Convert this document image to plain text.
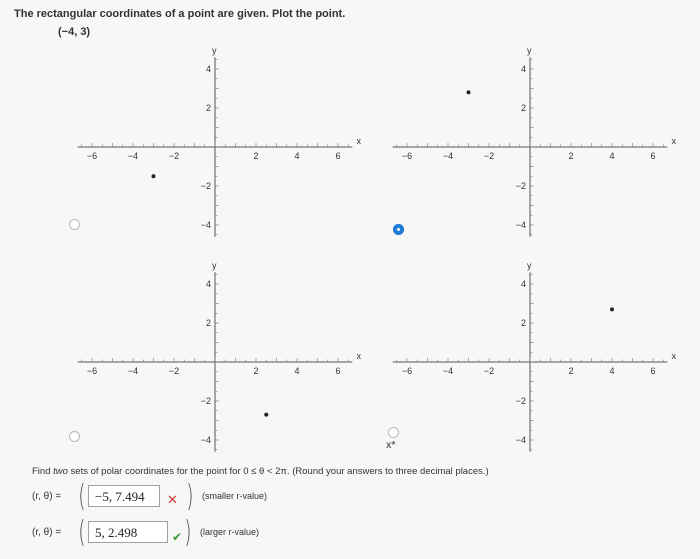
The rectangular coordinates of a point are given. Plot the point.
(−4, 3)
−6	−4	−2	2	4	6
4
2
−2
−4
x
y
−6	−4	−2	2	4	6
4
2
−2
−4
x
y
−6	−4	−2	2	4	6
4
2
−2
−4
x
y
−6	−4	−2	2	4	6
4
2
−2
−4
x
y
x*
Find two sets of polar coordinates for the point for 0 ≤ θ < 2π. (Round your answers to three decimal places.)
(r, θ) = ( −5, 7.494	✕ ) (smaller r-value)
(r, θ) = ( 5, 2.498	✔ ) (larger r-value)
